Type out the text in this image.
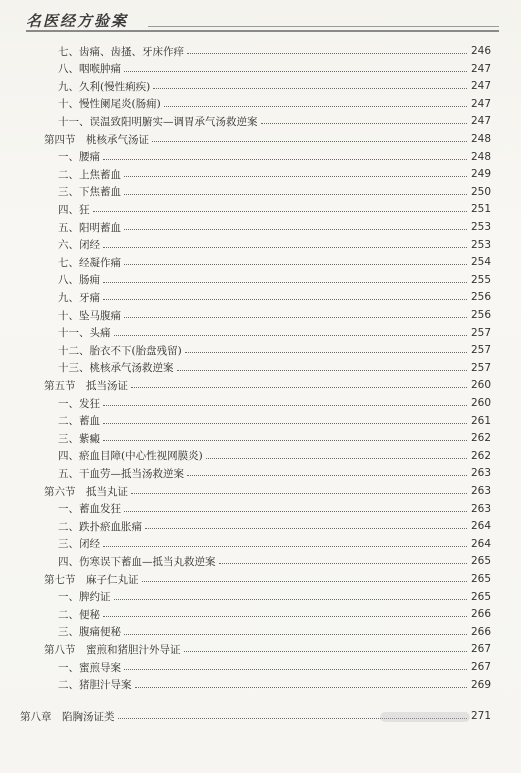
名医经方验案
七、齿痛、齿搔、牙床作痒	246
八、咽喉肿痛	247
九、久利(慢性痢疾)	247
十、慢性阑尾炎(肠痈)	247
十一、误温致阳明腑实—调胃承气汤救逆案	247
第四节　桃核承气汤证	248
一、腰痛	248
二、上焦蓄血	249
三、下焦蓄血	250
四、狂	251
五、阳明蓄血	253
六、闭经	253
七、经凝作痛	254
八、肠痈	255
九、牙痛	256
十、坠马腹痛	256
十一、头痛	257
十二、胎衣不下(胎盘残留)	257
十三、桃核承气汤救逆案	257
第五节　抵当汤证	260
一、发狂	260
二、蓄血	261
三、紫癜	262
四、瘀血目障(中心性视网膜炎)	262
五、干血劳—抵当汤救逆案	263
第六节　抵当丸证	263
一、蓄血发狂	263
二、跌扑瘀血胀痛	264
三、闭经	264
四、伤寒误下蓄血—抵当丸救逆案	265
第七节　麻子仁丸证	265
一、脾约证	265
二、便秘	266
三、腹痛便秘	266
第八节　蜜煎和猪胆汁外导证	267
一、蜜煎导案	267
二、猪胆汁导案	269
第八章　陷胸汤证类	271
